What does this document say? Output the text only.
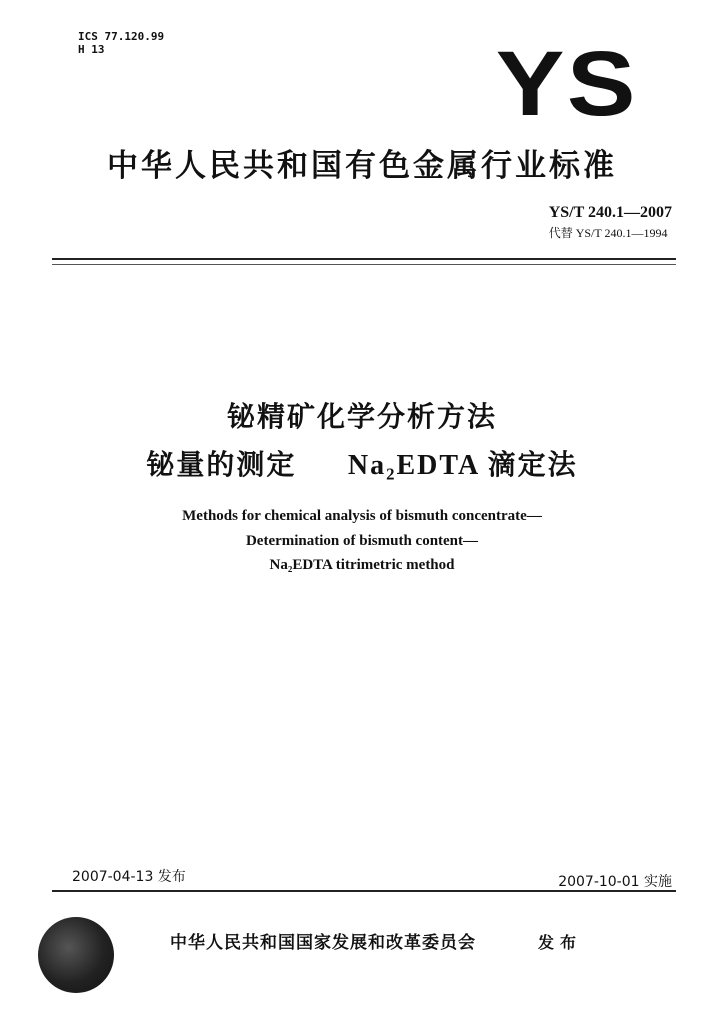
ICS 77.120.99
H 13	YS
中华人民共和国有色金属行业标准
YS/T 240.1—2007
代替 YS/T 240.1—1994
铋精矿化学分析方法
铋量的测定 Na₂EDTA 滴定法
Methods for chemical analysis of bismuth concentrate—
Determination of bismuth content—
Na₂EDTA titrimetric method
2007-04-13 发布	2007-10-01 实施
中华人民共和国国家发展和改革委员会	发布
